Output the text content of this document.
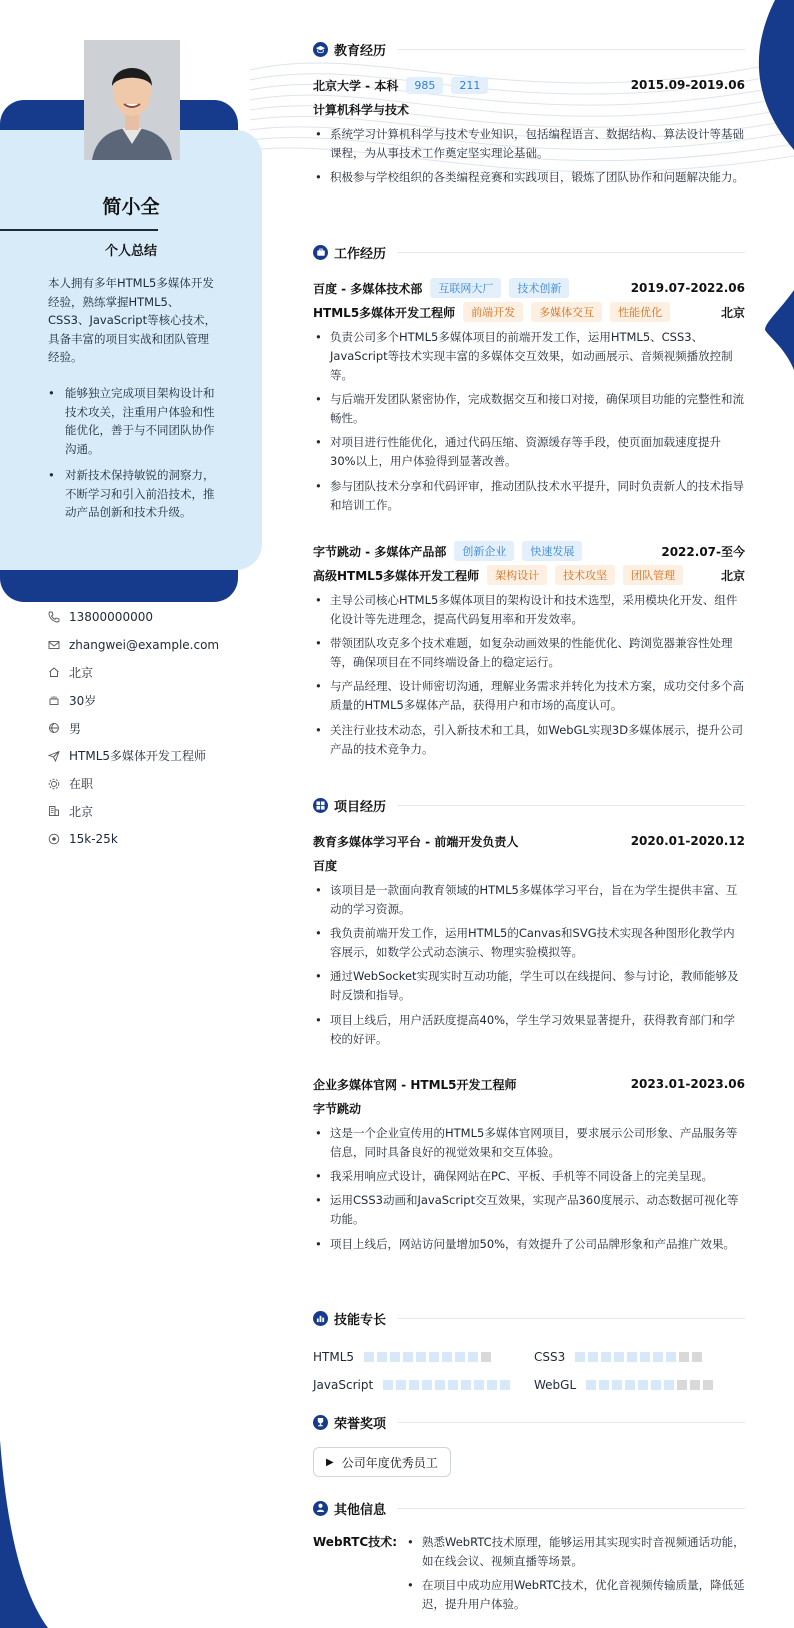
简小全
个人总结

本人拥有多年HTML5多媒体开发经验，熟练掌握HTML5、CSS3、JavaScript等核心技术，具备丰富的项目实战和团队管理经验。

• 能够独立完成项目架构设计和技术攻关，注重用户体验和性能优化，善于与不同团队协作沟通。
• 对新技术保持敏锐的洞察力，不断学习和引入前沿技术，推动产品创新和技术升级。
13800000000
zhangwei@example.com
北京
30岁
男
HTML5多媒体开发工程师
在职
北京
15k-25k
教育经历
北京大学 - 本科	985	211	2015.09-2019.06
计算机科学与技术
• 系统学习计算机科学与技术专业知识，包括编程语言、数据结构、算法设计等基础课程，为从事技术工作奠定坚实理论基础。
• 积极参与学校组织的各类编程竞赛和实践项目，锻炼了团队协作和问题解决能力。
工作经历
百度 - 多媒体技术部	互联网大厂	技术创新	2019.07-2022.06
HTML5多媒体开发工程师	前端开发	多媒体交互	性能优化	北京
• 负责公司多个HTML5多媒体项目的前端开发工作，运用HTML5、CSS3、JavaScript等技术实现丰富的多媒体交互效果，如动画展示、音频视频播放控制等。
• 与后端开发团队紧密协作，完成数据交互和接口对接，确保项目功能的完整性和流畅性。
• 对项目进行性能优化，通过代码压缩、资源缓存等手段，使页面加载速度提升30%以上，用户体验得到显著改善。
• 参与团队技术分享和代码评审，推动团队技术水平提升，同时负责新人的技术指导和培训工作。
字节跳动 - 多媒体产品部	创新企业	快速发展	2022.07-至今
高级HTML5多媒体开发工程师	架构设计	技术攻坚	团队管理	北京
• 主导公司核心HTML5多媒体项目的架构设计和技术选型，采用模块化开发、组件化设计等先进理念，提高代码复用率和开发效率。
• 带领团队攻克多个技术难题，如复杂动画效果的性能优化、跨浏览器兼容性处理等，确保项目在不同终端设备上的稳定运行。
• 与产品经理、设计师密切沟通，理解业务需求并转化为技术方案，成功交付多个高质量的HTML5多媒体产品，获得用户和市场的高度认可。
• 关注行业技术动态，引入新技术和工具，如WebGL实现3D多媒体展示，提升公司产品的技术竞争力。
项目经历
教育多媒体学习平台 - 前端开发负责人	2020.01-2020.12
百度
• 该项目是一款面向教育领域的HTML5多媒体学习平台，旨在为学生提供丰富、互动的学习资源。
• 我负责前端开发工作，运用HTML5的Canvas和SVG技术实现各种图形化教学内容展示，如数学公式动态演示、物理实验模拟等。
• 通过WebSocket实现实时互动功能，学生可以在线提问、参与讨论，教师能够及时反馈和指导。
• 项目上线后，用户活跃度提高40%，学生学习效果显著提升，获得教育部门和学校的好评。
企业多媒体官网 - HTML5开发工程师	2023.01-2023.06
字节跳动
• 这是一个企业宣传用的HTML5多媒体官网项目，要求展示公司形象、产品服务等信息，同时具备良好的视觉效果和交互体验。
• 我采用响应式设计，确保网站在PC、平板、手机等不同设备上的完美呈现。
• 运用CSS3动画和JavaScript交互效果，实现产品360度展示、动态数据可视化等功能。
• 项目上线后，网站访问量增加50%，有效提升了公司品牌形象和产品推广效果。
技能专长
HTML5	CSS3
JavaScript	WebGL
荣誉奖项
▶ 公司年度优秀员工
其他信息
WebRTC技术:
•	熟悉WebRTC技术原理，能够运用其实现实时音视频通话功能，如在线会议、视频直播等场景。
• 在项目中成功应用WebRTC技术，优化音视频传输质量，降低延迟，提升用户体验。
